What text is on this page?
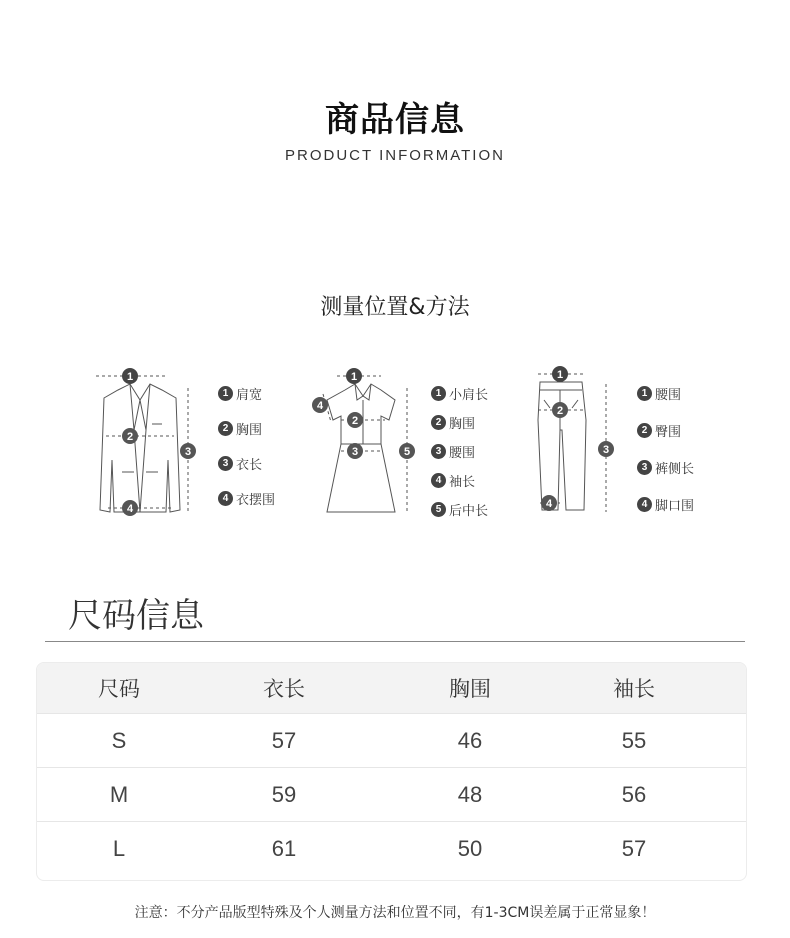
商品信息
PRODUCT INFORMATION
测量位置&方法
1
2
3
4
1 肩宽
2 胸围
3 衣长
4 衣摆围
1
2
3
4
5
1 小肩长
2 胸围
3 腰围
4 袖长
5 后中长
1
2
3
4
1 腰围
2 臀围
3 裤侧长
4 脚口围
尺码信息
尺码	衣长	胸围	袖长
S	57	46	55
M	59	48	56
L	61	50	57
注意：不分产品版型特殊及个人测量方法和位置不同，有1-3CM误差属于正常显象！
